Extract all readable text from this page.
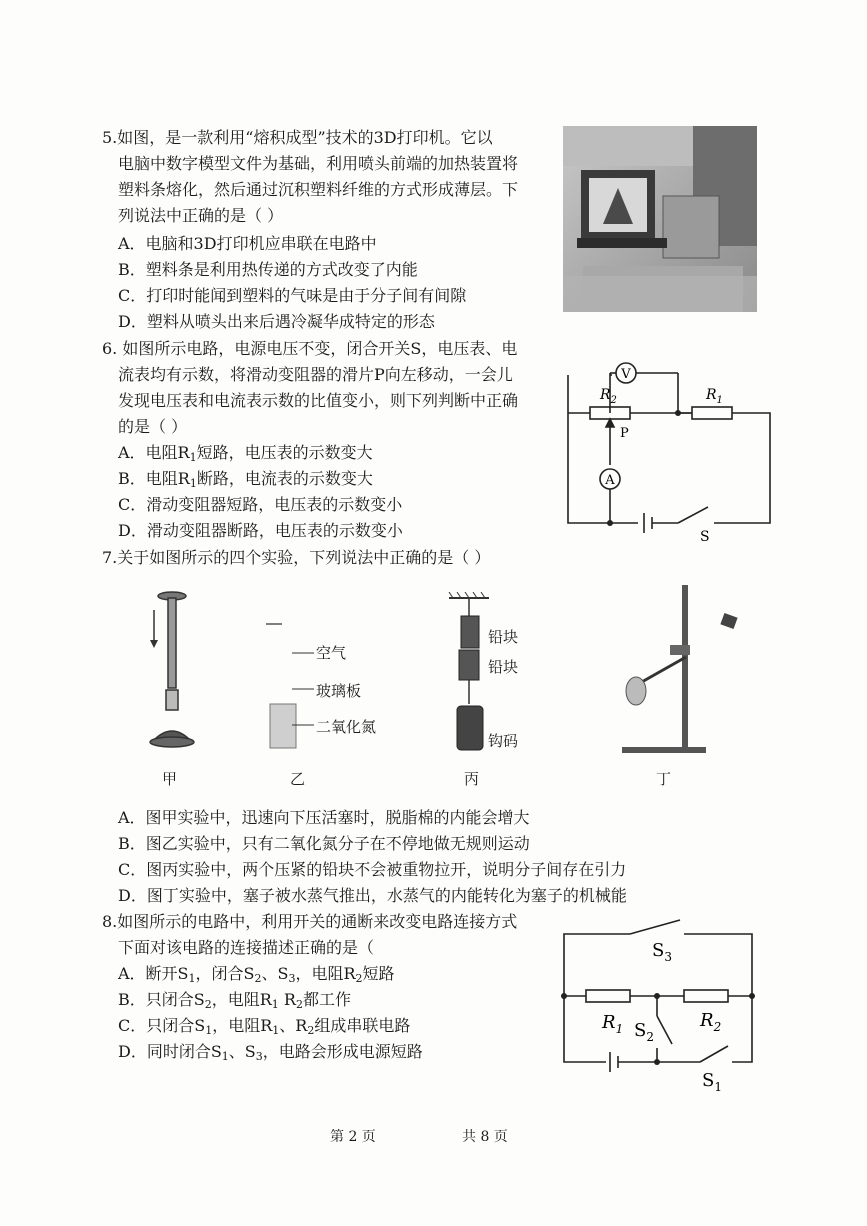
5.如图，是一款利用“熔积成型”技术的3D打印机。它以
电脑中数字模型文件为基础，利用喷头前端的加热装置将
塑料条熔化，然后通过沉积塑料纤维的方式形成薄层。下
列说法中正确的是（ ）
A．电脑和3D打印机应串联在电路中
B．塑料条是利用热传递的方式改变了内能
C．打印时能闻到塑料的气味是由于分子间有间隙
D．塑料从喷头出来后遇冷凝华成特定的形态
6. 如图所示电路，电源电压不变，闭合开关S，电压表、电
流表均有示数，将滑动变阻器的滑片P向左移动，一会儿
发现电压表和电流表示数的比值变小，则下列判断中正确
的是（ ）
A．电阻$R_1$短路，电压表的示数变大
B．电阻$R_1$断路，电流表的示数变大
C．滑动变阻器短路，电压表的示数变小
D．滑动变阻器断路，电压表的示数变小
V
A
$R_2$	$R_1$
P
S
7.关于如图所示的四个实验，下列说法中正确的是（ ）
甲
空气
玻璃板
二氧化氮
乙
铅块
铅块
钩码
丙	丁
A．图甲实验中，迅速向下压活塞时，脱脂棉的内能会增大
B．图乙实验中，只有二氧化氮分子在不停地做无规则运动
C．图丙实验中，两个压紧的铅块不会被重物拉开，说明分子间存在引力
D．图丁实验中，塞子被水蒸气推出，水蒸气的内能转化为塞子的机械能
8.如图所示的电路中，利用开关的通断来改变电路连接方式
下面对该电路的连接描述正确的是（
A．断开$S_1$，闭合$S_2$、$S_3$，电阻$R_2$短路
B．只闭合$S_2$，电阻$R_1$ $R_2$都工作
C．只闭合$S_1$，电阻$R_1$、$R_2$组成串联电路
D．同时闭合$S_1$、$S_3$，电路会形成电源短路
$S_3$
$R_1$	$R_2$
$S_2$
$S_1$
第 2 页	共 8 页
